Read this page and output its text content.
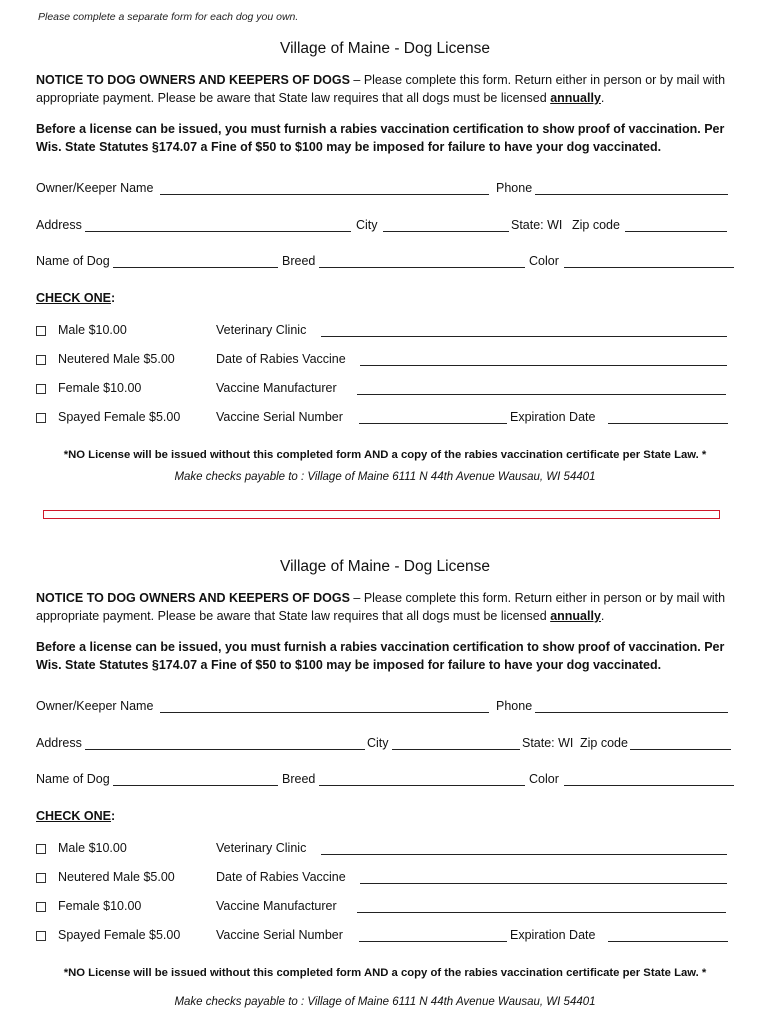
Please complete a separate form for each dog you own.
Village of Maine - Dog License
NOTICE TO DOG OWNERS AND KEEPERS OF DOGS – Please complete this form. Return either in person or by mail with appropriate payment. Please be aware that State law requires that all dogs must be licensed annually.
Before a license can be issued, you must furnish a rabies vaccination certification to show proof of vaccination. Per Wis. State Statutes §174.07 a Fine of $50 to $100 may be imposed for failure to have your dog vaccinated.
Owner/Keeper Name	Phone
Address	City	State: WI Zip code
Name of Dog	Breed	Color
CHECK ONE:
Male $10.00	Veterinary Clinic
Neutered Male $5.00	Date of Rabies Vaccine
Female $10.00	Vaccine Manufacturer
Spayed Female $5.00	Vaccine Serial Number	Expiration Date
*NO License will be issued without this completed form AND a copy of the rabies vaccination certificate per State Law. *
Make checks payable to : Village of Maine 6111 N 44th Avenue Wausau, WI 54401
Village of Maine - Dog License
NOTICE TO DOG OWNERS AND KEEPERS OF DOGS – Please complete this form. Return either in person or by mail with appropriate payment. Please be aware that State law requires that all dogs must be licensed annually.
Before a license can be issued, you must furnish a rabies vaccination certification to show proof of vaccination. Per Wis. State Statutes §174.07 a Fine of $50 to $100 may be imposed for failure to have your dog vaccinated.
Owner/Keeper Name	Phone
Address	City	State: WI Zip code
Name of Dog	Breed	Color
CHECK ONE:
Male $10.00	Veterinary Clinic
Neutered Male $5.00	Date of Rabies Vaccine
Female $10.00	Vaccine Manufacturer
Spayed Female $5.00	Vaccine Serial Number	Expiration Date
*NO License will be issued without this completed form AND a copy of the rabies vaccination certificate per State Law. *
Make checks payable to : Village of Maine 6111 N 44th Avenue Wausau, WI 54401
